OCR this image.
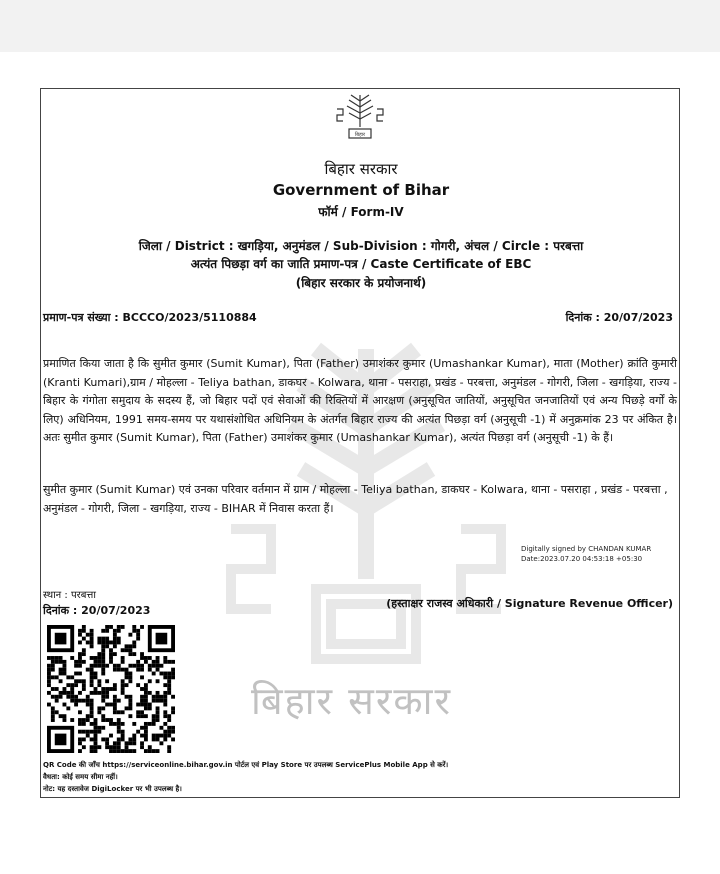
बिहार
बिहार सरकार
बिहार सरकार
Government of Bihar
फॉर्म / Form-IV
जिला / District : खगड़िया, अनुमंडल / Sub-Division : गोगरी, अंचल / Circle : परबत्ता
अत्यंत पिछड़ा वर्ग का जाति प्रमाण-पत्र / Caste Certificate of EBC
(बिहार सरकार के प्रयोजनार्थ)
प्रमाण-पत्र संख्या : BCCCO/2023/5110884	दिनांक : 20/07/2023
प्रमाणित किया जाता है कि सुमीत कुमार (Sumit Kumar), पिता (Father) उमाशंकर कुमार (Umashankar Kumar), माता (Mother) क्रांति कुमारी (Kranti Kumari),ग्राम / मोहल्ला - Teliya bathan, डाकघर - Kolwara, थाना - पसराहा, प्रखंड - परबत्ता, अनुमंडल - गोगरी, जिला - खगड़िया, राज्य - बिहार के गंगोता समुदाय के सदस्य हैं, जो बिहार पदों एवं सेवाओं की रिक्तियों में आरक्षण (अनुसूचित जातियों, अनुसूचित जनजातियों एवं अन्य पिछड़े वर्गों के लिए) अधिनियम, 1991 समय-समय पर यथासंशोधित अधिनियम के अंतर्गत बिहार राज्य की अत्यंत पिछड़ा वर्ग (अनुसूची -1) में अनुक्रमांक 23 पर अंकित है। अतः सुमीत कुमार (Sumit Kumar), पिता (Father) उमाशंकर कुमार (Umashankar Kumar), अत्यंत पिछड़ा वर्ग (अनुसूची -1) के हैं।
सुमीत कुमार (Sumit Kumar) एवं उनका परिवार वर्तमान में ग्राम / मोहल्ला - Teliya bathan, डाकघर - Kolwara, थाना - पसराहा , प्रखंड - परबत्ता , अनुमंडल - गोगरी, जिला - खगड़िया, राज्य - BIHAR में निवास करता हैं।
Digitally signed by CHANDAN KUMAR
Date:2023.07.20 04:53:18 +05:30
स्थान : परबत्ता
दिनांक : 20/07/2023
(हस्ताक्षर राजस्व अधिकारी / Signature Revenue Officer)
QR Code की जाँच https://serviceonline.bihar.gov.in पोर्टल एवं Play Store पर उपलब्ध ServicePlus Mobile App से करें।
वैधता: कोई समय सीमा नहीं।
नोट: यह दस्तावेज DigiLocker पर भी उपलब्ध है।
